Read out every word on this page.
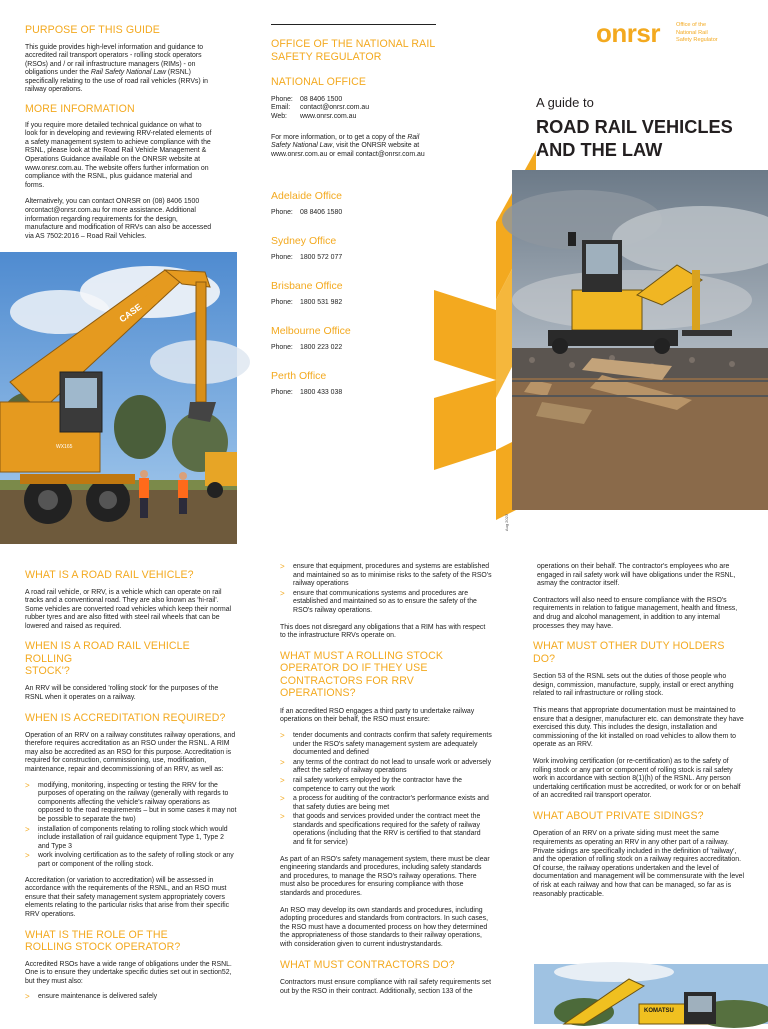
PURPOSE OF THIS GUIDE

This guide provides high-level information and guidance to accredited rail transport operators - rolling stock operators (RSOs) and / or rail infrastructure managers (RIMs) - on obligations under the Rail Safety National Law (RSNL) specifically relating to the use of road rail vehicles (RRVs) in railway operations.

MORE INFORMATION

If you require more detailed technical guidance on what to look for in developing and reviewing RRV-related elements of a safety management system to achieve compliance with the RSNL, please look at the Road Rail Vehicle Management & Operations Guidance available on the ONRSR website at www.onrsr.com.au. The website offers further information on compliance with the RSNL, plus guidance material and forms.

Alternatively, you can contact ONRSR on (08) 8406 1500 orcontact@onrsr.com.au for more assistance. Additional information regarding requirements for the design, manufacture and modification of RRVs can also be accessed via AS 7502:2016 – Road Rail Vehicles.

CASE
WX165
OFFICE OF THE NATIONAL RAIL SAFETY REGULATOR
NATIONAL OFFICE
Phone:	08 8406 1500
Email:	contact@onrsr.com.au
Web:	www.onrsr.com.au

For more information, or to get a copy of the Rail Safety National Law, visit the ONRSR website at www.onrsr.com.au or email contact@onrsr.com.au

Adelaide Office
Phone:	08 8406 1580
Sydney Office
Phone:	1800 572 077
Brisbane Office
Phone:	1800 531 982
Melbourne Office
Phone:	1800 223 022
Perth Office
Phone:	1800 433 038
onrsr	Office of the
National Rail
Safety Regulator
A guide to
ROAD RAIL VEHICLES
AND THE LAW
Aug 2023
WHAT IS A ROAD RAIL VEHICLE?

A road rail vehicle, or RRV, is a vehicle which can operate on rail tracks and a conventional road. They are also known as 'hi-rail'. Some vehicles are converted road vehicles which keep their normal rubber tyres and are also fitted with steel rail wheels that can be lowered and raised as required.

WHEN IS A ROAD RAIL VEHICLE ROLLING
STOCK'?

An RRV will be considered 'rolling stock' for the purposes of the RSNL when it operates on a railway.

WHEN IS ACCREDITATION REQUIRED?

Operation of an RRV on a railway constitutes railway operations, and therefore requires accreditation as an RSO under the RSNL. A RIM may also be accredited as an RSO for this purpose. Accreditation is required for construction, commissioning, use, modification, maintenance, repair and decommissioning of an RRV, as well as:

> modifying, monitoring, inspecting or testing the RRV for the purposes of operating on the railway (generally with regards to components affecting the vehicle's railway operations as opposed to the road requirements – but in some cases it may not be possible to separate the two)
> installation of components relating to rolling stock which would include installation of rail guidance equipment Type 1, Type 2 and Type 3
> work involving certification as to the safety of rolling stock or any part or component of the rolling stock.

Accreditation (or variation to accreditation) will be assessed in accordance with the requirements of the RSNL, and an RSO must ensure that their safety management system appropriately covers elements relating to the particular risks that arise from their specific RRV operations.

WHAT IS THE ROLE OF THE
ROLLING STOCK OPERATOR?

Accredited RSOs have a wide range of obligations under the RSNL. One is to ensure they undertake specific duties set out in section52, but they must also:

> ensure maintenance is delivered safely
> ensure that equipment, procedures and systems are established and maintained so as to minimise risks to the safety of the RSO's railway operations
> ensure that communications systems and procedures are established and maintained so as to ensure the safety of the RSO's railway operations.

This does not disregard any obligations that a RIM has with respect to the infrastructure RRVs operate on.

WHAT MUST A ROLLING STOCK OPERATOR DO IF THEY USE CONTRACTORS FOR RRV OPERATIONS?

If an accredited RSO engages a third party to undertake railway operations on their behalf, the RSO must ensure:

> tender documents and contracts confirm that safety requirements under the RSO's safety management system are adequately documented and defined
> any terms of the contract do not lead to unsafe work or adversely affect the safety of railway operations
> rail safety workers employed by the contractor have the competence to carry out the work
> a process for auditing of the contractor's performance exists and that safety duties are being met
> that goods and services provided under the contract meet the standards and specifications required for the safety of railway operations (including that the RRV is certified to that standard and fit for service)

As part of an RSO's safety management system, there must be clear engineering standards and procedures, including safety standards and procedures, to manage the RSO's railway operations. There must also be procedures for ensuring compliance with those standards and procedures.

An RSO may develop its own standards and procedures, including adopting procedures and standards from contractors. In such cases, the RSO must have a documented process on how they determined the appropriateness of those standards to their railway operations, with consideration given to current industrystandards.

WHAT MUST CONTRACTORS DO?

Contractors must ensure compliance with rail safety requirements set out by the RSO in their contract. Additionally, section 133 of the

operations on their behalf. The contractor's employees who are engaged in rail safety work will have obligations under the RSNL, asmay the contractor itself.

Contractors will also need to ensure compliance with the RSO's requirements in relation to fatigue management, health and fitness, and drug and alcohol management, in addition to any internal processes they may have.

WHAT MUST OTHER DUTY HOLDERS DO?

Section 53 of the RSNL sets out the duties of those people who design, commission, manufacture, supply, install or erect anything related to rail infrastructure or rolling stock.

This means that appropriate documentation must be maintained to ensure that a designer, manufacturer etc. can demonstrate they have exercised this duty. This includes the design, installation and commissioning of the kit installed on road vehicles to allow them to operate as an RRV.

Work involving certification (or re-certification) as to the safety of rolling stock or any part or component of rolling stock is rail safety work in accordance with section 8(1)(h) of the RSNL. Any person undertaking certification must be accredited, or work for or on behalf of an accredited rail transport operator.

WHAT ABOUT PRIVATE SIDINGS?

Operation of an RRV on a private siding must meet the same requirements as operating an RRV in any other part of a railway. Private sidings are specifically included in the definition of 'railway', and the operation of rolling stock on a railway requires accreditation. Of course, the railway operations undertaken and the level of documentation and management will be commensurate with the level of risk at each railway and how that can be managed, so far as is reasonably practicable.

KOMATSU
